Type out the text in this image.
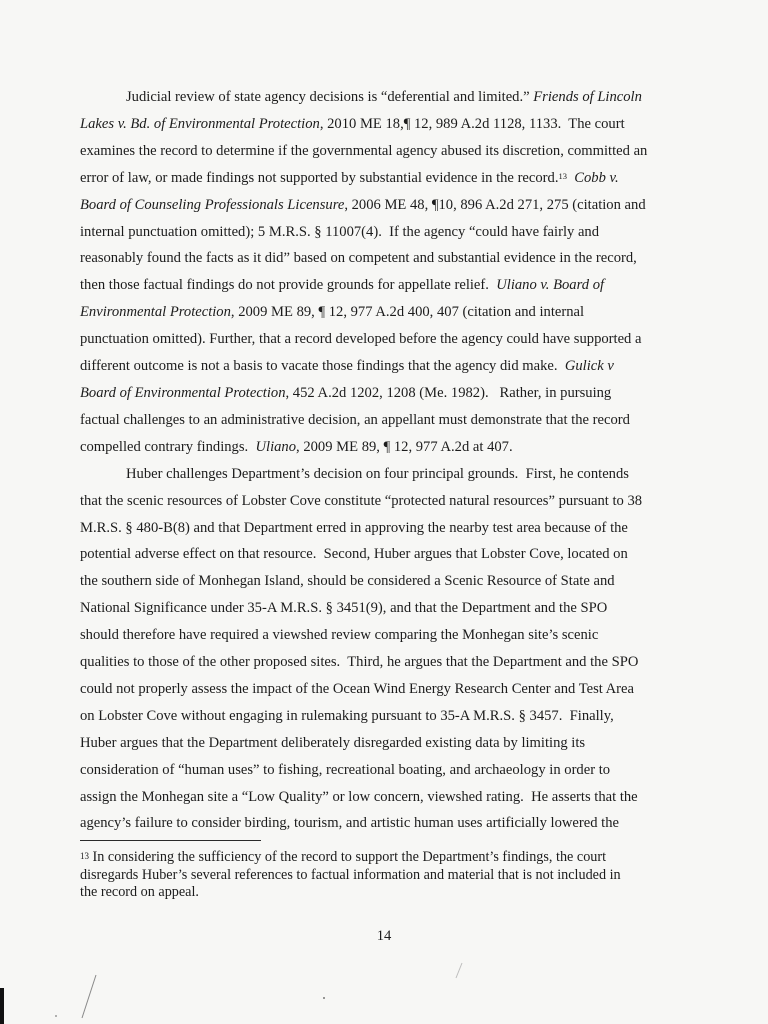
Judicial review of state agency decisions is “deferential and limited.” Friends of Lincoln
Lakes v. Bd. of Environmental Protection, 2010 ME 18,¶ 12, 989 A.2d 1128, 1133.  The court
examines the record to determine if the governmental agency abused its discretion, committed an
error of law, or made findings not supported by substantial evidence in the record.$^{13}$ Cobb v.
Board of Counseling Professionals Licensure, 2006 ME 48, ¶10, 896 A.2d 271, 275 (citation and
internal punctuation omitted); 5 M.R.S. § 11007(4).  If the agency “could have fairly and
reasonably found the facts as it did” based on competent and substantial evidence in the record,
then those factual findings do not provide grounds for appellate relief.  Uliano v. Board of
Environmental Protection, 2009 ME 89, ¶ 12, 977 A.2d 400, 407 (citation and internal
punctuation omitted). Further, that a record developed before the agency could have supported a
different outcome is not a basis to vacate those findings that the agency did make.  Gulick v
Board of Environmental Protection, 452 A.2d 1202, 1208 (Me. 1982).   Rather, in pursuing
factual challenges to an administrative decision, an appellant must demonstrate that the record
compelled contrary findings.  Uliano, 2009 ME 89, ¶ 12, 977 A.2d at 407.

Huber challenges Department’s decision on four principal grounds.  First, he contends
that the scenic resources of Lobster Cove constitute “protected natural resources” pursuant to 38
M.R.S. § 480-B(8) and that Department erred in approving the nearby test area because of the
potential adverse effect on that resource.  Second, Huber argues that Lobster Cove, located on
the southern side of Monhegan Island, should be considered a Scenic Resource of State and
National Significance under 35-A M.R.S. § 3451(9), and that the Department and the SPO
should therefore have required a viewshed review comparing the Monhegan site’s scenic
qualities to those of the other proposed sites.  Third, he argues that the Department and the SPO
could not properly assess the impact of the Ocean Wind Energy Research Center and Test Area
on Lobster Cove without engaging in rulemaking pursuant to 35-A M.R.S. § 3457.  Finally,
Huber argues that the Department deliberately disregarded existing data by limiting its
consideration of “human uses” to fishing, recreational boating, and archaeology in order to
assign the Monhegan site a “Low Quality” or low concern, viewshed rating.  He asserts that the
agency’s failure to consider birding, tourism, and artistic human uses artificially lowered the

$^{13}$ In considering the sufficiency of the record to support the Department’s findings, the court
disregards Huber’s several references to factual information and material that is not included in
the record on appeal.
14
